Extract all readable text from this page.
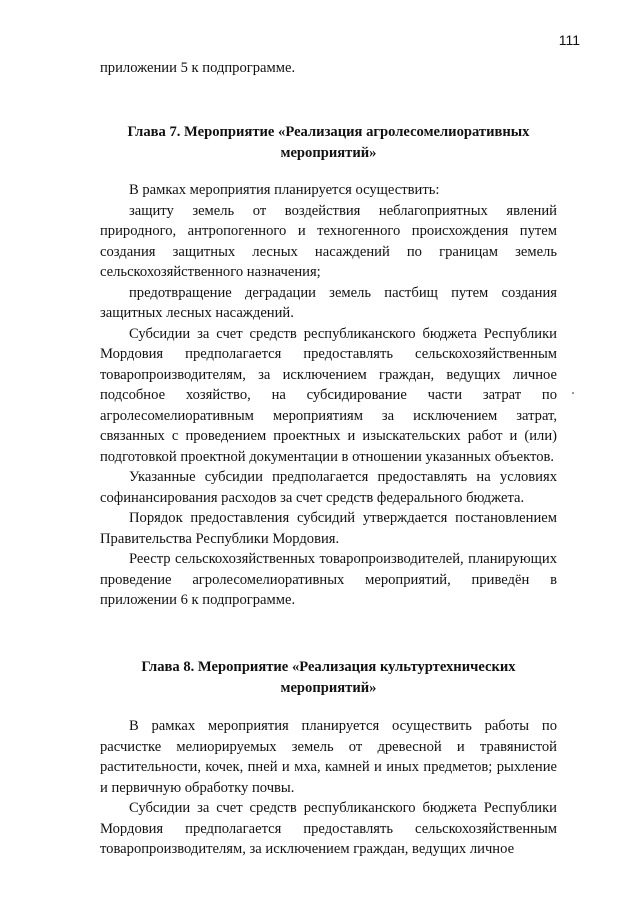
111

приложении 5 к подпрограмме.

Глава 7. Мероприятие «Реализация агролесомелиоративных мероприятий»

В рамках мероприятия планируется осуществить:

защиту земель от воздействия неблагоприятных явлений природного, антропогенного и техногенного происхождения путем создания защитных лесных насаждений по границам земель сельскохозяйственного назначения;

предотвращение деградации земель пастбищ путем создания защитных лесных насаждений.

Субсидии за счет средств республиканского бюджета Республики Мордовия предполагается предоставлять сельскохозяйственным товаропроизводителям, за исключением граждан, ведущих личное подсобное хозяйство, на субсидирование части затрат по агролесомелиоративным мероприятиям за исключением затрат, связанных с проведением проектных и изыскательских работ и (или) подготовкой проектной документации в отношении указанных объектов.

Указанные субсидии предполагается предоставлять на условиях софинансирования расходов за счет средств федерального бюджета.

Порядок предоставления субсидий утверждается постановлением Правительства Республики Мордовия.

Реестр сельскохозяйственных товаропроизводителей, планирующих проведение агролесомелиоративных мероприятий, приведён в приложении 6 к подпрограмме.

Глава 8. Мероприятие «Реализация культуртехнических мероприятий»

В рамках мероприятия планируется осуществить работы по расчистке мелиорируемых земель от древесной и травянистой растительности, кочек, пней и мха, камней и иных предметов; рыхление и первичную обработку почвы.

Субсидии за счет средств республиканского бюджета Республики Мордовия предполагается предоставлять сельскохозяйственным товаропроизводителям, за исключением граждан, ведущих личное
